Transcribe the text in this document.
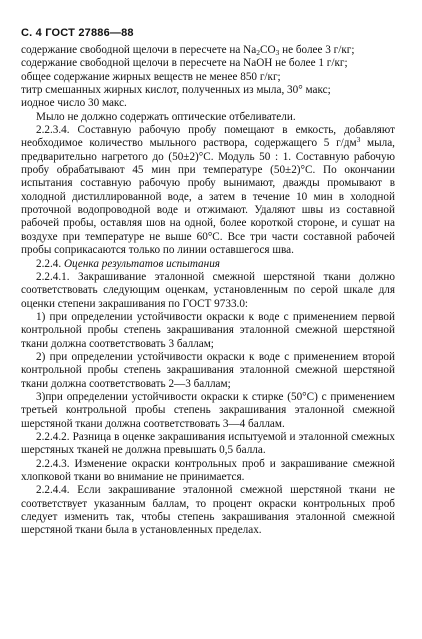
С. 4 ГОСТ 27886—88

содержание свободной щелочи в пересчете на $Na_2CO_3$ не более 3 г/кг;

содержание свободной щелочи в пересчете на NaOH не более 1 г/кг;

общее содержание жирных веществ не менее 850 г/кг;

титр смешанных жирных кислот, полученных из мыла, 30° макс;

иодное число 30 макс.

Мыло не должно содержать оптические отбеливатели.

2.2.3.4. Составную рабочую пробу помещают в емкость, добавляют необходимое количество мыльного раствора, содержащего 5 $г/дм^3$ мыла, предварительно нагретого до (50±2)°С. Модуль 50 : 1. Составную рабочую пробу обрабатывают 45 мин при температуре (50±2)°С. По окончании испытания составную рабочую пробу вынимают, дважды промывают в холодной дистиллированной воде, а затем в течение 10 мин в холодной проточной водопроводной воде и отжимают. Удаляют швы из составной рабочей пробы, оставляя шов на одной, более короткой стороне, и сушат на воздухе при температуре не выше 60°С. Все три части составной рабочей пробы соприкасаются только по линии оставшегося шва.

2.2.4. Оценка результатов испытания

2.2.4.1. Закрашивание эталонной смежной шерстяной ткани должно соответствовать следующим оценкам, установленным по серой шкале для оценки степени закрашивания по ГОСТ 9733.0:

1) при определении устойчивости окраски к воде с применением первой контрольной пробы степень закрашивания эталонной смежной шерстяной ткани должна соответствовать 3 баллам;

2) при определении устойчивости окраски к воде с применением второй контрольной пробы степень закрашивания эталонной смежной шерстяной ткани должна соответствовать 2—3 баллам;

3)при определении устойчивости окраски к стирке (50°С) с применением третьей контрольной пробы степень закрашивания эталонной смежной шерстяной ткани должна соответствовать 3—4 баллам.

2.2.4.2. Разница в оценке закрашивания испытуемой и эталонной смежных шерстяных тканей не должна превышать 0,5 балла.

2.2.4.3. Изменение окраски контрольных проб и закрашивание смежной хлопковой ткани во внимание не принимается.

2.2.4.4. Если закрашивание эталонной смежной шерстяной ткани не соответствует указанным баллам, то процент окраски контрольных проб следует изменить так, чтобы степень закрашивания эталонной смежной шерстяной ткани была в установленных пределах.
